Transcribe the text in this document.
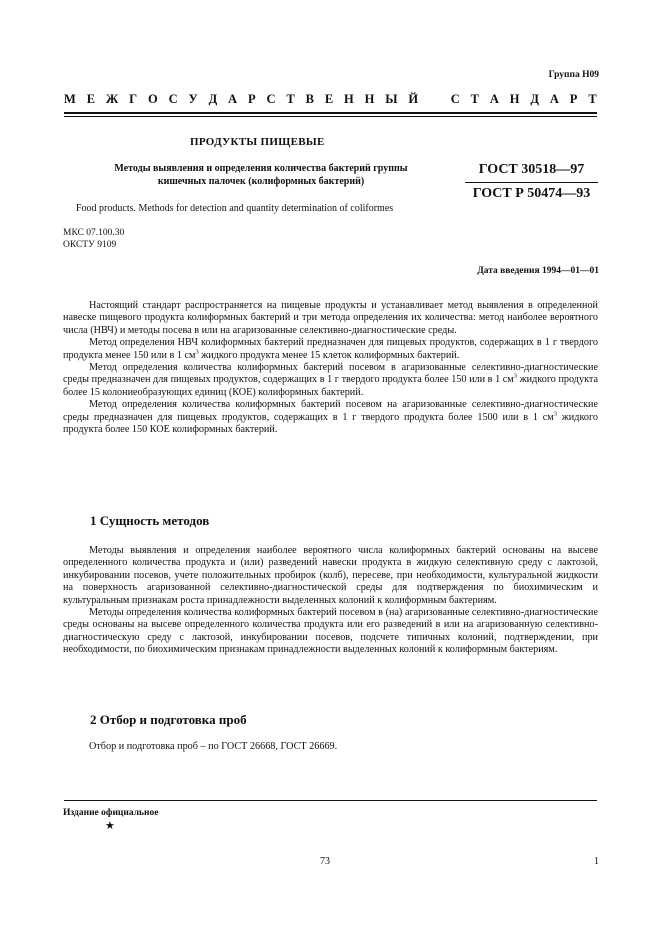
Группа Н09
М Е Ж Г О С У Д А Р С Т В Е Н Н Ы Й	С Т А Н Д А Р Т
ПРОДУКТЫ ПИЩЕВЫЕ
Методы выявления и определения количества бактерий группы
кишечных палочек (колиформных бактерий)
ГОСТ 30518—97
ГОСТ Р 50474—93
Food products. Methods for detection and quantity determination of coliformes
МКС 07.100.30
ОКСТУ 9109
Дата введения 1994—01—01

Настоящий стандарт распространяется на пищевые продукты и устанавливает метод выявления в определенной навеске пищевого продукта колиформных бактерий и три метода определения их количества: метод наиболее вероятного числа (НВЧ) и методы посева в или на агаризованные селективно-диагностические среды.

Метод определения НВЧ колиформных бактерий предназначен для пищевых продуктов, содержащих в 1 г твердого продукта менее 150 или в 1 $см^3$ жидкого продукта менее 15 клеток колиформных бактерий.

Метод определения количества колиформных бактерий посевом в агаризованные селективно-диагностические среды предназначен для пищевых продуктов, содержащих в 1 г твердого продукта более 150 или в 1 $см^3$ жидкого продукта более 15 колониеобразующих единиц (КОЕ) колиформных бактерий.

Метод определения количества колиформных бактерий посевом на агаризованные селективно-диагностические среды предназначен для пищевых продуктов, содержащих в 1 г твердого продукта более 1500 или в 1 $см^3$ жидкого продукта более 150 КОЕ колиформных бактерий.

1 Сущность методов

Методы выявления и определения наиболее вероятного числа колиформных бактерий основаны на высеве определенного количества продукта и (или) разведений навески продукта в жидкую селективную среду с лактозой, инкубировании посевов, учете положительных пробирок (колб), пересеве, при необходимости, культуральной жидкости на поверхность агаризованной селективно-диагностической среды для подтверждения по биохимическим и культуральным признакам роста принадлежности выделенных колоний к колиформным бактериям.

Методы определения количества колиформных бактерий посевом в (на) агаризованные селективно-диагностические среды основаны на высеве определенного количества продукта или его разведений в или на агаризованную селективно-диагностическую среду с лактозой, инкубировании посевов, подсчете типичных колоний, подтверждении, при необходимости, по биохимическим признакам принадлежности выделенных колоний к колиформным бактериям.

2 Отбор и подготовка проб

Отбор и подготовка проб – по ГОСТ 26668, ГОСТ 26669.

Издание официальное
★
73	1
